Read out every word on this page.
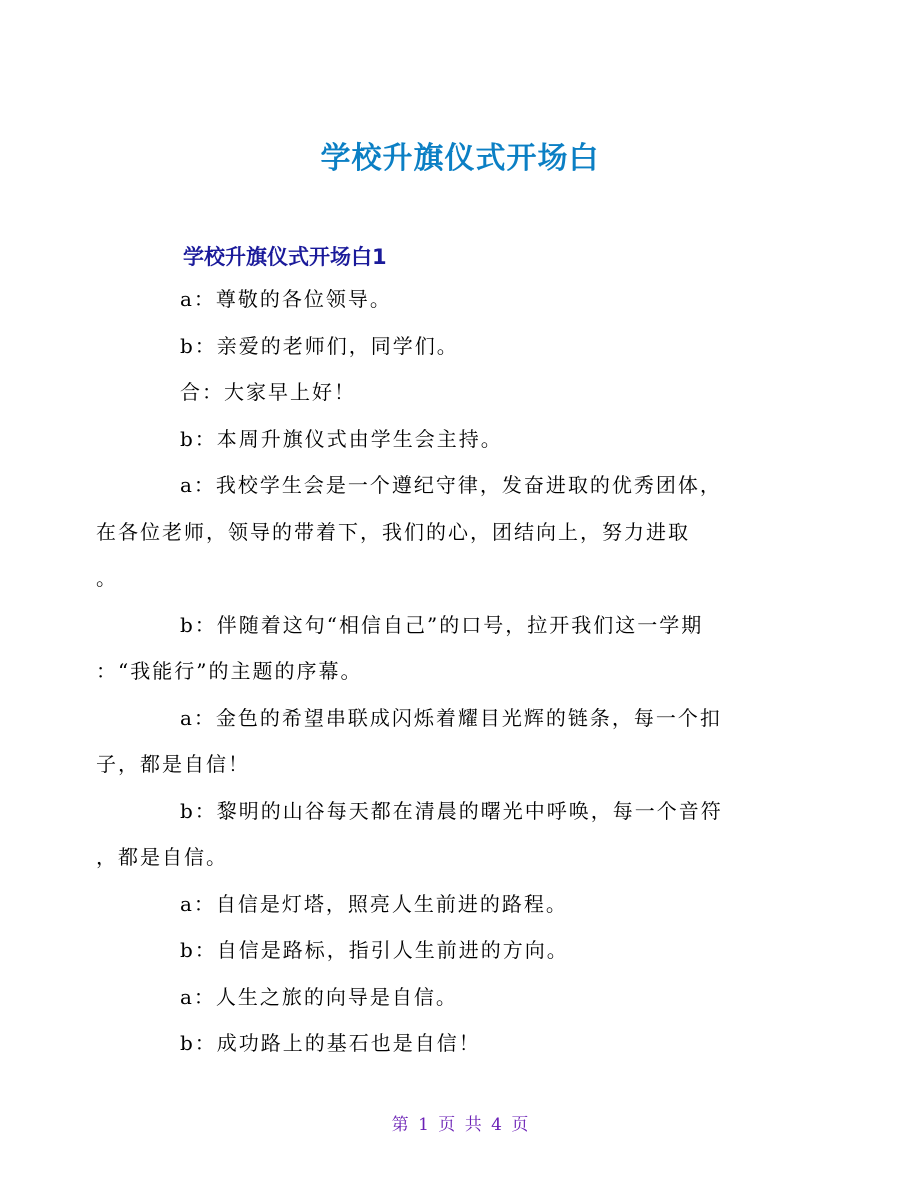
学校升旗仪式开场白
学校升旗仪式开场白1

a：尊敬的各位领导。

b：亲爱的老师们，同学们。

合：大家早上好！

b：本周升旗仪式由学生会主持。

a：我校学生会是一个遵纪守律，发奋进取的优秀团体，
在各位老师，领导的带着下，我们的心，团结向上，努力进取
。

b：伴随着这句“相信自己”的口号，拉开我们这一学期
：“我能行”的主题的序幕。

a：金色的希望串联成闪烁着耀目光辉的链条，每一个扣
子，都是自信！

b：黎明的山谷每天都在清晨的曙光中呼唤，每一个音符
，都是自信。

a：自信是灯塔，照亮人生前进的路程。

b：自信是路标，指引人生前进的方向。

a：人生之旅的向导是自信。

b：成功路上的基石也是自信！

第 1 页 共 4 页
